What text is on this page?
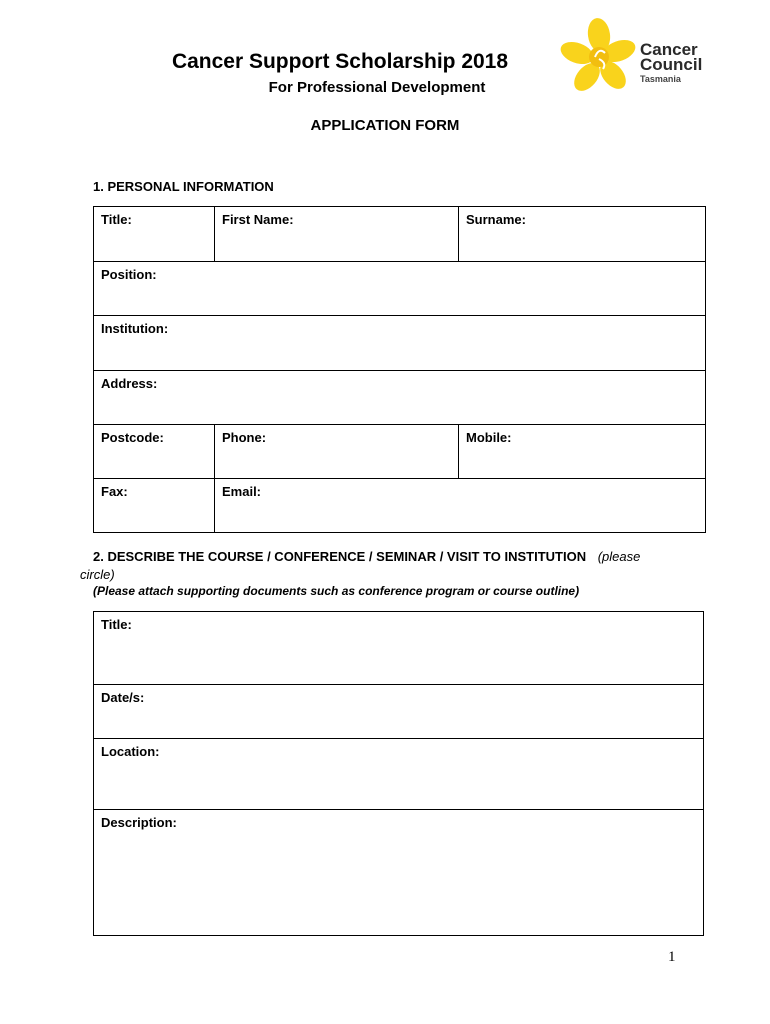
Cancer Support Scholarship 2018
For Professional Development
APPLICATION FORM
Cancer
Council
Tasmania
1. PERSONAL INFORMATION
Title:	First Name:	Surname:
Position:
Institution:
Address:
Postcode:	Phone:	Mobile:
Fax:	Email:
2. DESCRIBE THE COURSE / CONFERENCE / SEMINAR / VISIT TO INSTITUTION (please
circle)
(Please attach supporting documents such as conference program or course outline)
Title:
Date/s:
Location:
Description:
1
